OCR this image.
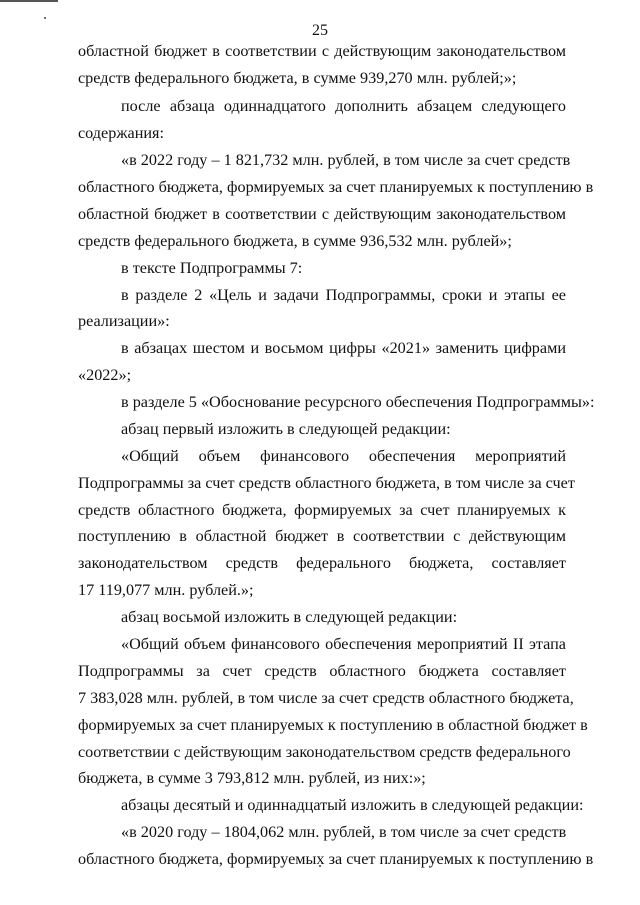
25
областной бюджет в соответствии с действующим законодательством
средств федерального бюджета, в сумме 939,270 млн. рублей;»;
после абзаца одиннадцатого дополнить абзацем следующего
содержания:
«в 2022 году – 1 821,732 млн. рублей, в том числе за счет средств
областного бюджета, формируемых за счет планируемых к поступлению в
областной бюджет в соответствии с действующим законодательством
средств федерального бюджета, в сумме 936,532 млн. рублей»;
в тексте Подпрограммы 7:
в разделе 2 «Цель и задачи Подпрограммы, сроки и этапы ее
реализации»:
в абзацах шестом и восьмом цифры «2021» заменить цифрами
«2022»;
в разделе 5 «Обоснование ресурсного обеспечения Подпрограммы»:
абзац первый изложить в следующей редакции:
«Общий объем финансового обеспечения мероприятий
Подпрограммы за счет средств областного бюджета, в том числе за счет
средств областного бюджета, формируемых за счет планируемых к
поступлению в областной бюджет в соответствии с действующим
законодательством средств федерального бюджета, составляет
17 119,077 млн. рублей.»;
абзац восьмой изложить в следующей редакции:
«Общий объем финансового обеспечения мероприятий II этапа
Подпрограммы за счет средств областного бюджета составляет
7 383,028 млн. рублей, в том числе за счет средств областного бюджета,
формируемых за счет планируемых к поступлению в областной бюджет в
соответствии с действующим законодательством средств федерального
бюджета, в сумме 3 793,812 млн. рублей, из них:»;
абзацы десятый и одиннадцатый изложить в следующей редакции:
«в 2020 году – 1804,062 млн. рублей, в том числе за счет средств
областного бюджета, формируемых за счет планируемых к поступлению в
